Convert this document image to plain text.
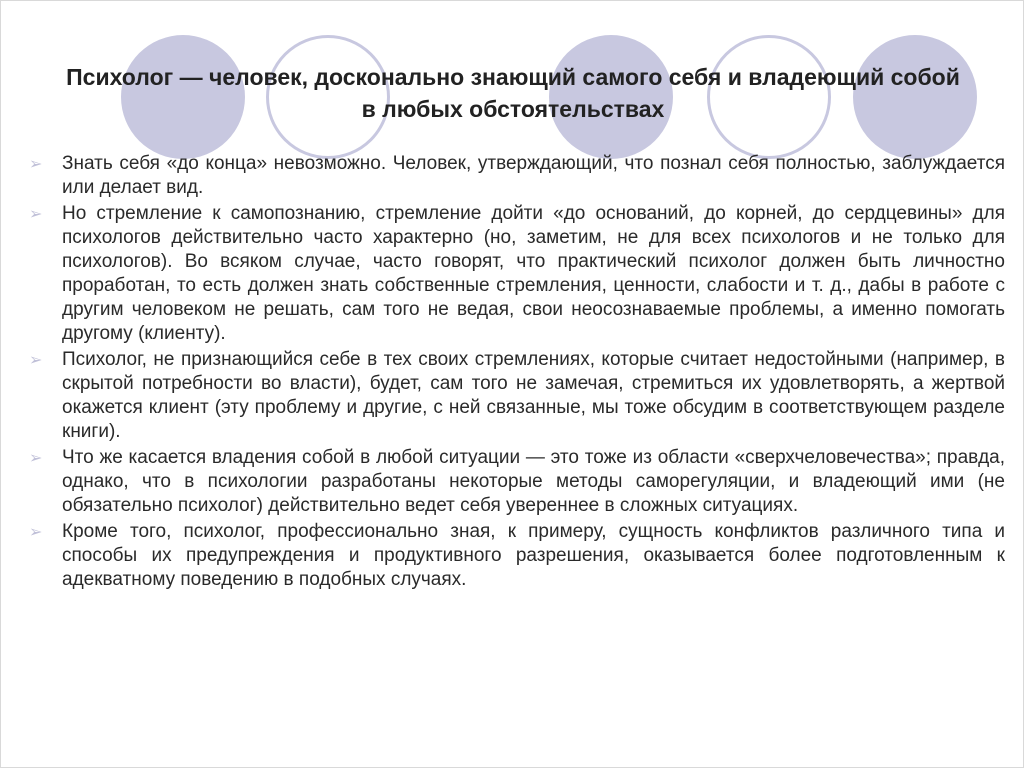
Психолог — человек, досконально знающий самого себя и владеющий собой в любых обстоятельствах
➢ Знать себя «до конца» невозможно. Человек, утверждающий, что познал себя полностью, заблуждается или делает вид.
➢ Но стремление к самопознанию, стремление дойти «до оснований, до корней, до сердцевины» для психологов действительно часто характерно (но, заметим, не для всех психологов и не только для психологов). Во всяком случае, часто говорят, что практический психолог должен быть личностно проработан, то есть должен знать собственные стремления, ценности, слабости и т. д., дабы в работе с другим человеком не решать, сам того не ведая, свои неосознаваемые проблемы, а именно помогать другому (клиенту).
➢ Психолог, не признающийся себе в тех своих стремлениях, которые считает недостойными (например, в скрытой потребности во власти), будет, сам того не замечая, стремиться их удовлетворять, а жертвой окажется клиент (эту проблему и другие, с ней связанные, мы тоже обсудим в соответствующем разделе книги).
➢ Что же касается владения собой в любой ситуации — это тоже из области «сверхчеловечества»; правда, однако, что в психологии разработаны некоторые методы саморегуляции, и владеющий ими (не обязательно психолог) действительно ведет себя увереннее в сложных ситуациях.
➢ Кроме того, психолог, профессионально зная, к примеру, сущность конфликтов различного типа и способы их предупреждения и продуктивного разрешения, оказывается более подготовленным к адекватному поведению в подобных случаях.
